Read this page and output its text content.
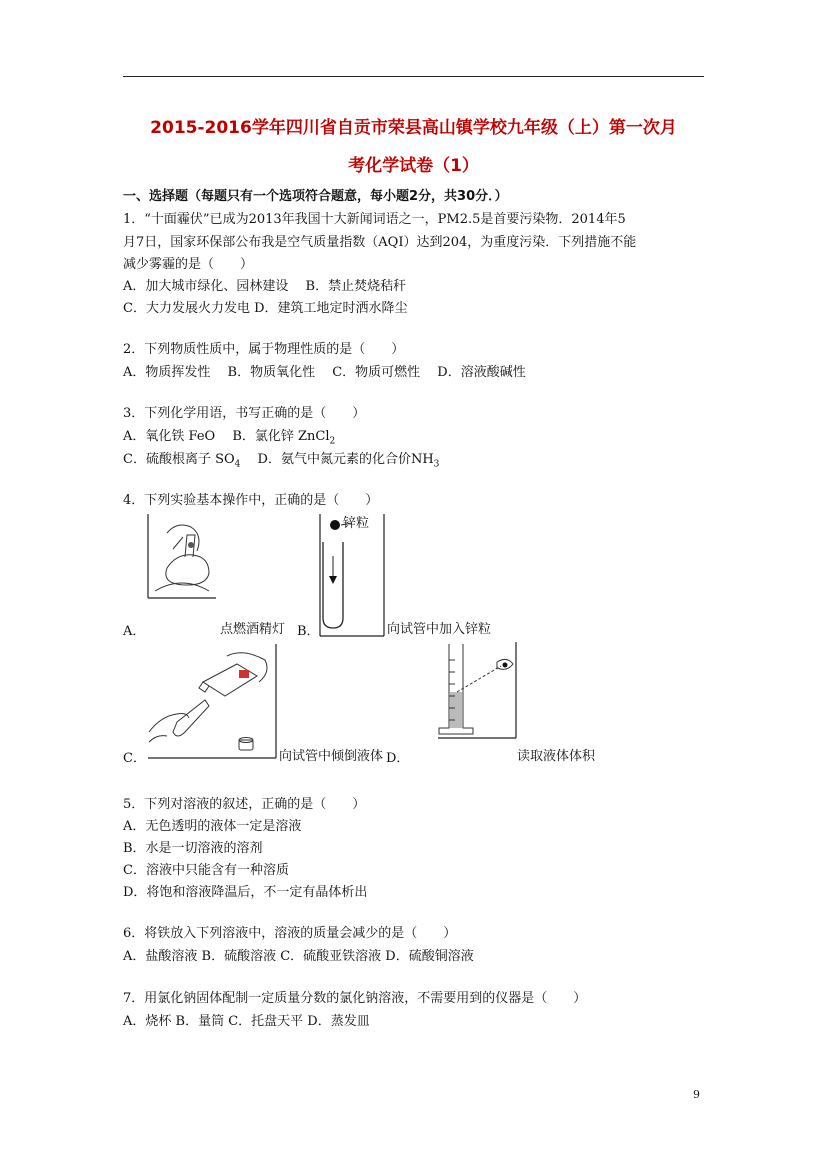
2015-2016学年四川省自贡市荣县高山镇学校九年级（上）第一次月
考化学试卷（1）
一、选择题（每题只有一个选项符合题意，每小题2分，共30分．）
1．“十面霾伏”已成为2013年我国十大新闻词语之一，PM2.5是首要污染物．2014年5
月7日，国家环保部公布我是空气质量指数（AQI）达到204，为重度污染．下列措施不能
减少雾霾的是（　　）
A．加大城市绿化、园林建设　 B．禁止焚烧秸秆
C．大力发展火力发电 D．建筑工地定时洒水降尘
2．下列物质性质中，属于物理性质的是（　　）
A．物质挥发性　 B．物质氧化性　 C．物质可燃性　 D．溶液酸碱性
3．下列化学用语，书写正确的是（　　）
A．氧化铁 FeO　 B．氯化锌 ZnCl$_2$
C．硫酸根离子 $SO_4$　 D．氨气中氮元素的化合价$NH_3$
4．下列实验基本操作中，正确的是（　　）
A．	点燃酒精灯
锌粒
B．	向试管中加入锌粒
C．	向试管中倾倒液体 D．	读取液体体积
5．下列对溶液的叙述，正确的是（　　）
A．无色透明的液体一定是溶液
B．水是一切溶液的溶剂
C．溶液中只能含有一种溶质
D．将饱和溶液降温后，不一定有晶体析出
6．将铁放入下列溶液中，溶液的质量会减少的是（　　）
A．盐酸溶液 B．硫酸溶液 C．硫酸亚铁溶液 D．硫酸铜溶液
7．用氯化钠固体配制一定质量分数的氯化钠溶液，不需要用到的仪器是（　　）
A．烧杯 B．量筒 C．托盘天平 D．蒸发皿
9
